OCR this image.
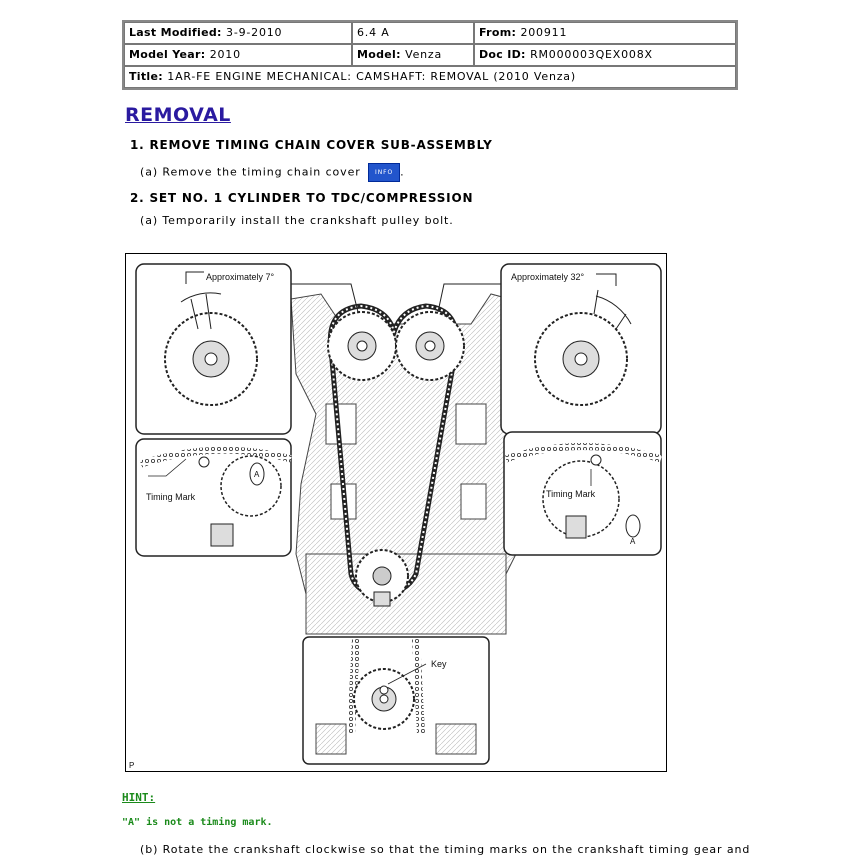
Last Modified: 3-9-2010	6.4 A	From: 200911
Model Year: 2010	Model: Venza	Doc ID: RM000003QEX008X
Title: 1AR-FE ENGINE MECHANICAL: CAMSHAFT: REMOVAL (2010 Venza)
REMOVAL
1. REMOVE TIMING CHAIN COVER SUB-ASSEMBLY
(a) Remove the timing chain cover INFO .
2. SET NO. 1 CYLINDER TO TDC/COMPRESSION
(a) Temporarily install the crankshaft pulley bolt.
Approximately 7°	Approximately 32°
Timing Mark
A
Timing Mark
A
Key
P
HINT:
"A" is not a timing mark.
(b) Rotate the crankshaft clockwise so that the timing marks on the crankshaft timing gear and
